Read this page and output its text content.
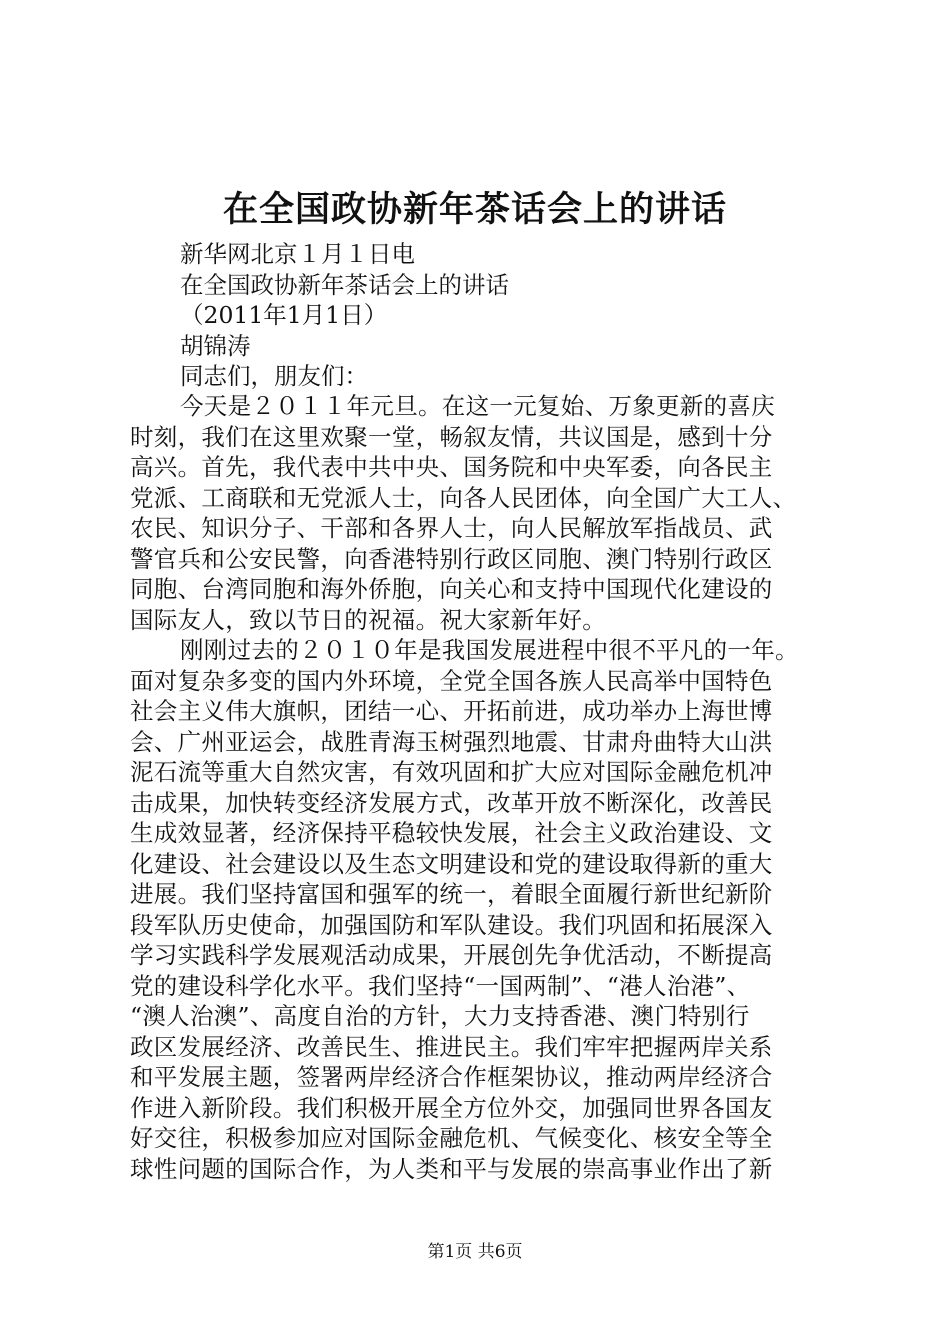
在全国政协新年茶话会上的讲话
新华网北京１月１日电
在全国政协新年茶话会上的讲话
（2011年1月1日）
胡锦涛
同志们，朋友们：
今天是２０１１年元旦。在这一元复始、万象更新的喜庆
时刻，我们在这里欢聚一堂，畅叙友情，共议国是，感到十分
高兴。首先，我代表中共中央、国务院和中央军委，向各民主
党派、工商联和无党派人士，向各人民团体，向全国广大工人、
农民、知识分子、干部和各界人士，向人民解放军指战员、武
警官兵和公安民警，向香港特别行政区同胞、澳门特别行政区
同胞、台湾同胞和海外侨胞，向关心和支持中国现代化建设的
国际友人，致以节日的祝福。祝大家新年好。
刚刚过去的２０１０年是我国发展进程中很不平凡的一年。
面对复杂多变的国内外环境，全党全国各族人民高举中国特色
社会主义伟大旗帜，团结一心、开拓前进，成功举办上海世博
会、广州亚运会，战胜青海玉树强烈地震、甘肃舟曲特大山洪
泥石流等重大自然灾害，有效巩固和扩大应对国际金融危机冲
击成果，加快转变经济发展方式，改革开放不断深化，改善民
生成效显著，经济保持平稳较快发展，社会主义政治建设、文
化建设、社会建设以及生态文明建设和党的建设取得新的重大
进展。我们坚持富国和强军的统一，着眼全面履行新世纪新阶
段军队历史使命，加强国防和军队建设。我们巩固和拓展深入
学习实践科学发展观活动成果，开展创先争优活动，不断提高
党的建设科学化水平。我们坚持“一国两制”、“港人治港”、
“澳人治澳”、高度自治的方针，大力支持香港、澳门特别行
政区发展经济、改善民生、推进民主。我们牢牢把握两岸关系
和平发展主题，签署两岸经济合作框架协议，推动两岸经济合
作进入新阶段。我们积极开展全方位外交，加强同世界各国友
好交往，积极参加应对国际金融危机、气候变化、核安全等全
球性问题的国际合作，为人类和平与发展的崇高事业作出了新
第1页 共6页
